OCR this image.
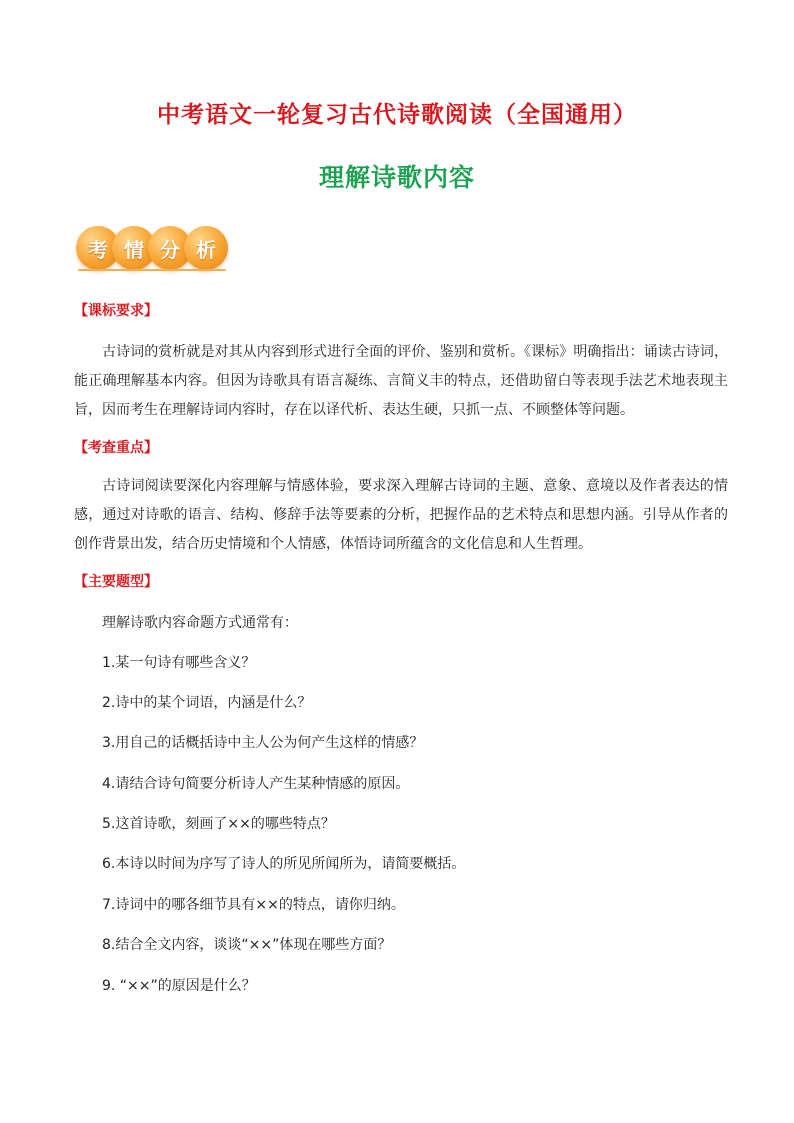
中考语文一轮复习古代诗歌阅读（全国通用）
理解诗歌内容
考 情 分 析
【课标要求】
古诗词的赏析就是对其从内容到形式进行全面的评价、鉴别和赏析。《课标》明确指出：诵读古诗词，能正确理解基本内容。但因为诗歌具有语言凝练、言简义丰的特点，还借助留白等表现手法艺术地表现主旨，因而考生在理解诗词内容时，存在以译代析、表达生硬，只抓一点、不顾整体等问题。
【考查重点】
古诗词阅读要深化内容理解与情感体验，要求深入理解古诗词的主题、意象、意境以及作者表达的情感，通过对诗歌的语言、结构、修辞手法等要素的分析，把握作品的艺术特点和思想内涵。引导从作者的创作背景出发，结合历史情境和个人情感，体悟诗词所蕴含的文化信息和人生哲理。
【主要题型】
理解诗歌内容命题方式通常有：
1.某一句诗有哪些含义？
2.诗中的某个词语，内涵是什么？
3.用自己的话概括诗中主人公为何产生这样的情感？
4.请结合诗句简要分析诗人产生某种情感的原因。
5.这首诗歌，刻画了××的哪些特点？
6.本诗以时间为序写了诗人的所见所闻所为，请简要概括。
7.诗词中的哪各细节具有××的特点，请你归纳。
8.结合全文内容，谈谈“××”体现在哪些方面？
9. “××”的原因是什么？
